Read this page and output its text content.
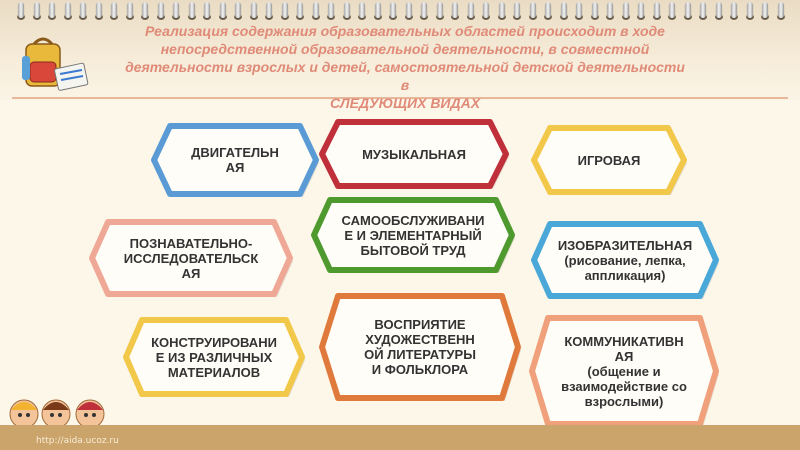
Реализация содержания образовательных областей происходит в ходе
непосредственной образовательной деятельности, в совместной
деятельности взрослых и детей, самостоятельной детской деятельности
в
СЛЕДУЮЩИХ ВИДАХ
ДВИГАТЕЛЬН
АЯ
МУЗЫКАЛЬНАЯ	ИГРОВАЯ
ПОЗНАВАТЕЛЬНО-
ИССЛЕДОВАТЕЛЬСК
АЯ
САМООБСЛУЖИВАНИ
Е И ЭЛЕМЕНТАРНЫЙ
БЫТОВОЙ ТРУД	ИЗОБРАЗИТЕЛЬНАЯ
(рисование, лепка,
аппликация)
КОНСТРУИРОВАНИ
Е ИЗ РАЗЛИЧНЫХ
МАТЕРИАЛОВ
ВОСПРИЯТИЕ
ХУДОЖЕСТВЕНН
ОЙ ЛИТЕРАТУРЫ
И ФОЛЬКЛОРА
КОММУНИКАТИВН
АЯ
(общение и
взаимодействие со
взрослыми)
http://aida.ucoz.ru
